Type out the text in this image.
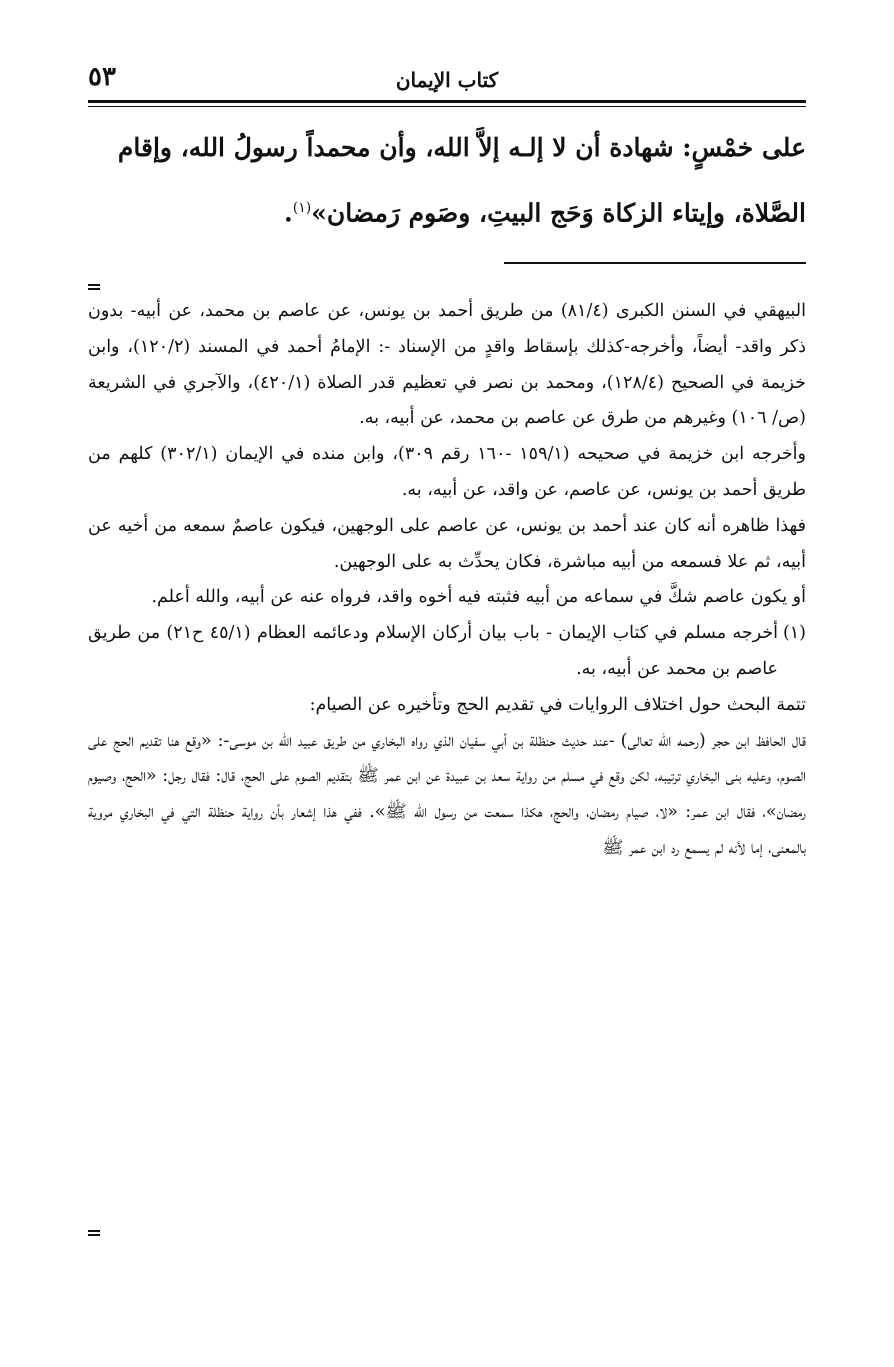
كتاب الإيمان
٥٣

على خمْسٍ: شهادة أن لا إلـه إلاَّ الله، وأن محمداً رسولُ الله، وإقام

الصَّلاة، وإيتاء الزكاة وَحَج البيتِ، وصَوم رَمضان»$^{(١)}$.

البيهقي في السنن الكبرى (٨١/٤) من طريق أحمد بن يونس، عن عاصم بن محمد، عن أبيه- بدون ذكر واقد- أيضاً، وأخرجه-كذلك بإسقاط واقدٍ من الإسناد -: الإمامُ أحمد في المسند (١٢٠/٢)، وابن خزيمة في الصحيح (١٢٨/٤)، ومحمد بن نصر في تعظيم قدر الصلاة (٤٢٠/١)، والآجري في الشريعة (ص/ ١٠٦) وغيرهم من طرق عن عاصم بن محمد، عن أبيه، به.

وأخرجه ابن خزيمة في صحيحه (١٥٩/١ -١٦٠ رقم ٣٠٩)، وابن منده في الإيمان (٣٠٢/١) كلهم من طريق أحمد بن يونس، عن عاصم، عن واقد، عن أبيه، به.

فهذا ظاهره أنه كان عند أحمد بن يونس، عن عاصم على الوجهين، فيكون عاصمٌ سمعه من أخيه عن أبيه، ثم علا فسمعه من أبيه مباشرة، فكان يحدِّث به على الوجهين.

أو يكون عاصم شكَّ في سماعه من أبيه فثبته فيه أخوه واقد، فرواه عنه عن أبيه، والله أعلم.

(١)
أخرجه مسلم في كتاب الإيمان - باب بيان أركان الإسلام ودعائمه العظام (٤٥/١ ح٢١) من طريق عاصم بن محمد عن أبيه، به.

تتمة البحث حول اختلاف الروايات في تقديم الحج وتأخيره عن الصيام:

قال الحافظ ابن حجر (رحمه الله تعالى) -عند حديث حنظلة بن أبي سفيان الذي رواه البخاري من طريق عبيد الله بن موسى-: «وقع هنا تقديم الحج على الصوم، وعليه بنى البخاري ترتيبه، لكن وقع في مسلم من رواية سعد بن عبيدة عن ابن عمر ﷺ بتقديم الصوم على الحج، قال: فقال رجل: «الحج، وصيوم رمضان»، فقال ابن عمر: «لا، صيام رمضان، والحج، هكذا سمعت من رسول الله ﷺ». ففي هذا إشعار بأن رواية حنظلة التي في البخاري مروية بالمعنى، إما لأنه لم يسمع رد ابن عمر ﷺ
